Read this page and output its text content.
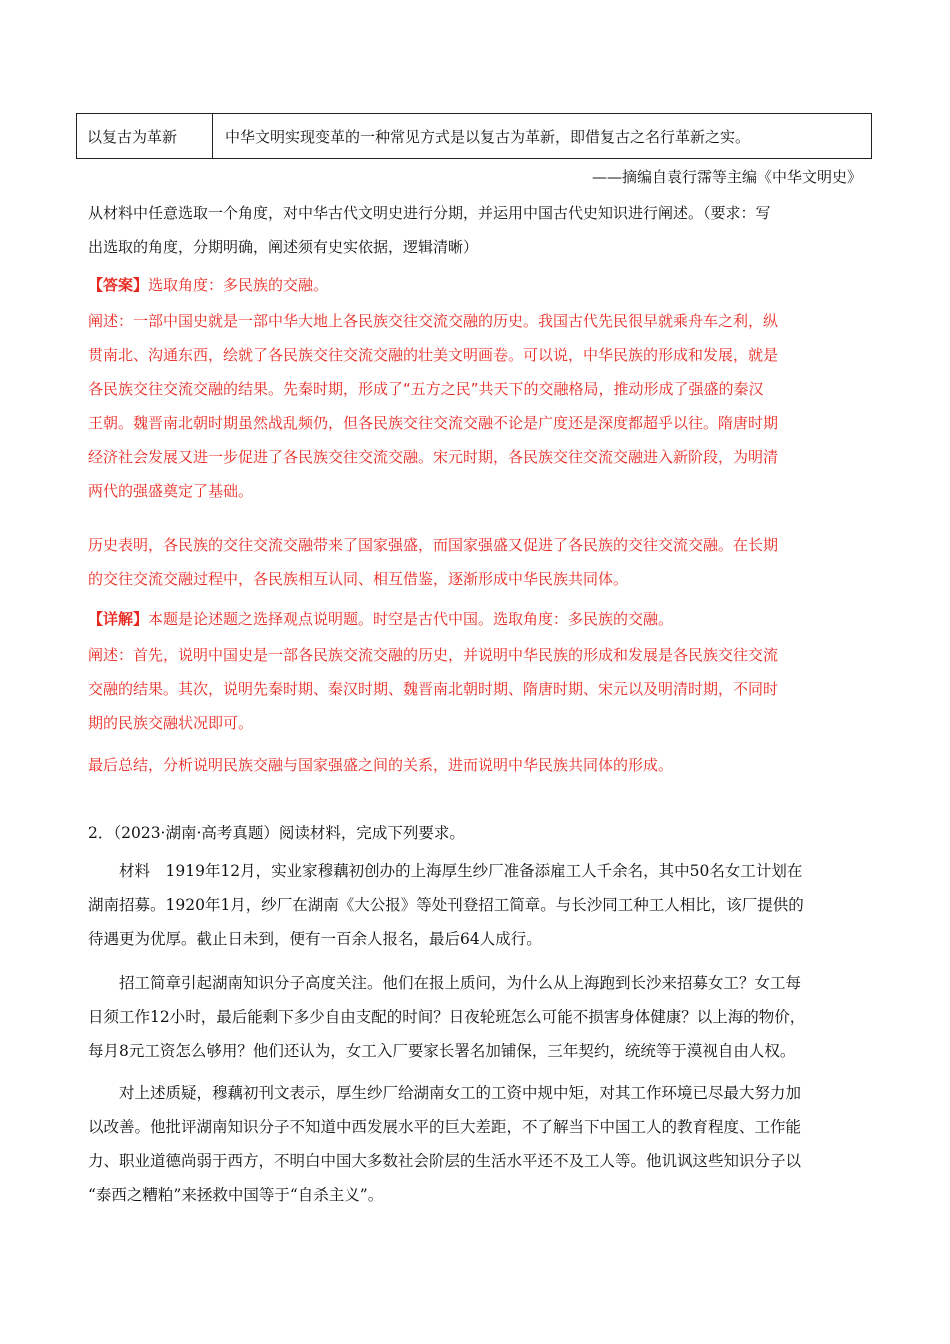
以复古为革新	中华文明实现变革的一种常见方式是以复古为革新，即借复古之名行革新之实。
——摘编自袁行霈等主编《中华文明史》

从材料中任意选取一个角度，对中华古代文明史进行分期，并运用中国古代史知识进行阐述。（要求：写
出选取的角度，分期明确，阐述须有史实依据，逻辑清晰）

【答案】选取角度：多民族的交融。

阐述：一部中国史就是一部中华大地上各民族交往交流交融的历史。我国古代先民很早就乘舟车之利，纵
贯南北、沟通东西，绘就了各民族交往交流交融的壮美文明画卷。可以说，中华民族的形成和发展，就是
各民族交往交流交融的结果。先秦时期，形成了“五方之民”共天下的交融格局，推动形成了强盛的秦汉
王朝。魏晋南北朝时期虽然战乱频仍，但各民族交往交流交融不论是广度还是深度都超乎以往。隋唐时期
经济社会发展又进一步促进了各民族交往交流交融。宋元时期，各民族交往交流交融进入新阶段，为明清
两代的强盛奠定了基础。

历史表明，各民族的交往交流交融带来了国家强盛，而国家强盛又促进了各民族的交往交流交融。在长期
的交往交流交融过程中，各民族相互认同、相互借鉴，逐渐形成中华民族共同体。

【详解】本题是论述题之选择观点说明题。时空是古代中国。选取角度：多民族的交融。

阐述：首先，说明中国史是一部各民族交流交融的历史，并说明中华民族的形成和发展是各民族交往交流
交融的结果。其次，说明先秦时期、秦汉时期、魏晋南北朝时期、隋唐时期、宋元以及明清时期，不同时
期的民族交融状况即可。

最后总结，分析说明民族交融与国家强盛之间的关系，进而说明中华民族共同体的形成。

2．（2023·湖南·高考真题）阅读材料，完成下列要求。

材料　1919年12月，实业家穆藕初创办的上海厚生纱厂准备添雇工人千余名，其中50名女工计划在
湖南招募。1920年1月，纱厂在湖南《大公报》等处刊登招工简章。与长沙同工种工人相比，该厂提供的
待遇更为优厚。截止日未到，便有一百余人报名，最后64人成行。

招工简章引起湖南知识分子高度关注。他们在报上质问，为什么从上海跑到长沙来招募女工？女工每
日须工作12小时，最后能剩下多少自由支配的时间？日夜轮班怎么可能不损害身体健康？以上海的物价，
每月8元工资怎么够用？他们还认为，女工入厂要家长署名加铺保，三年契约，统统等于漠视自由人权。

对上述质疑，穆藕初刊文表示，厚生纱厂给湖南女工的工资中规中矩，对其工作环境已尽最大努力加
以改善。他批评湖南知识分子不知道中西发展水平的巨大差距，不了解当下中国工人的教育程度、工作能
力、职业道德尚弱于西方，不明白中国大多数社会阶层的生活水平还不及工人等。他讥讽这些知识分子以
“泰西之糟粕”来拯救中国等于“自杀主义”。
